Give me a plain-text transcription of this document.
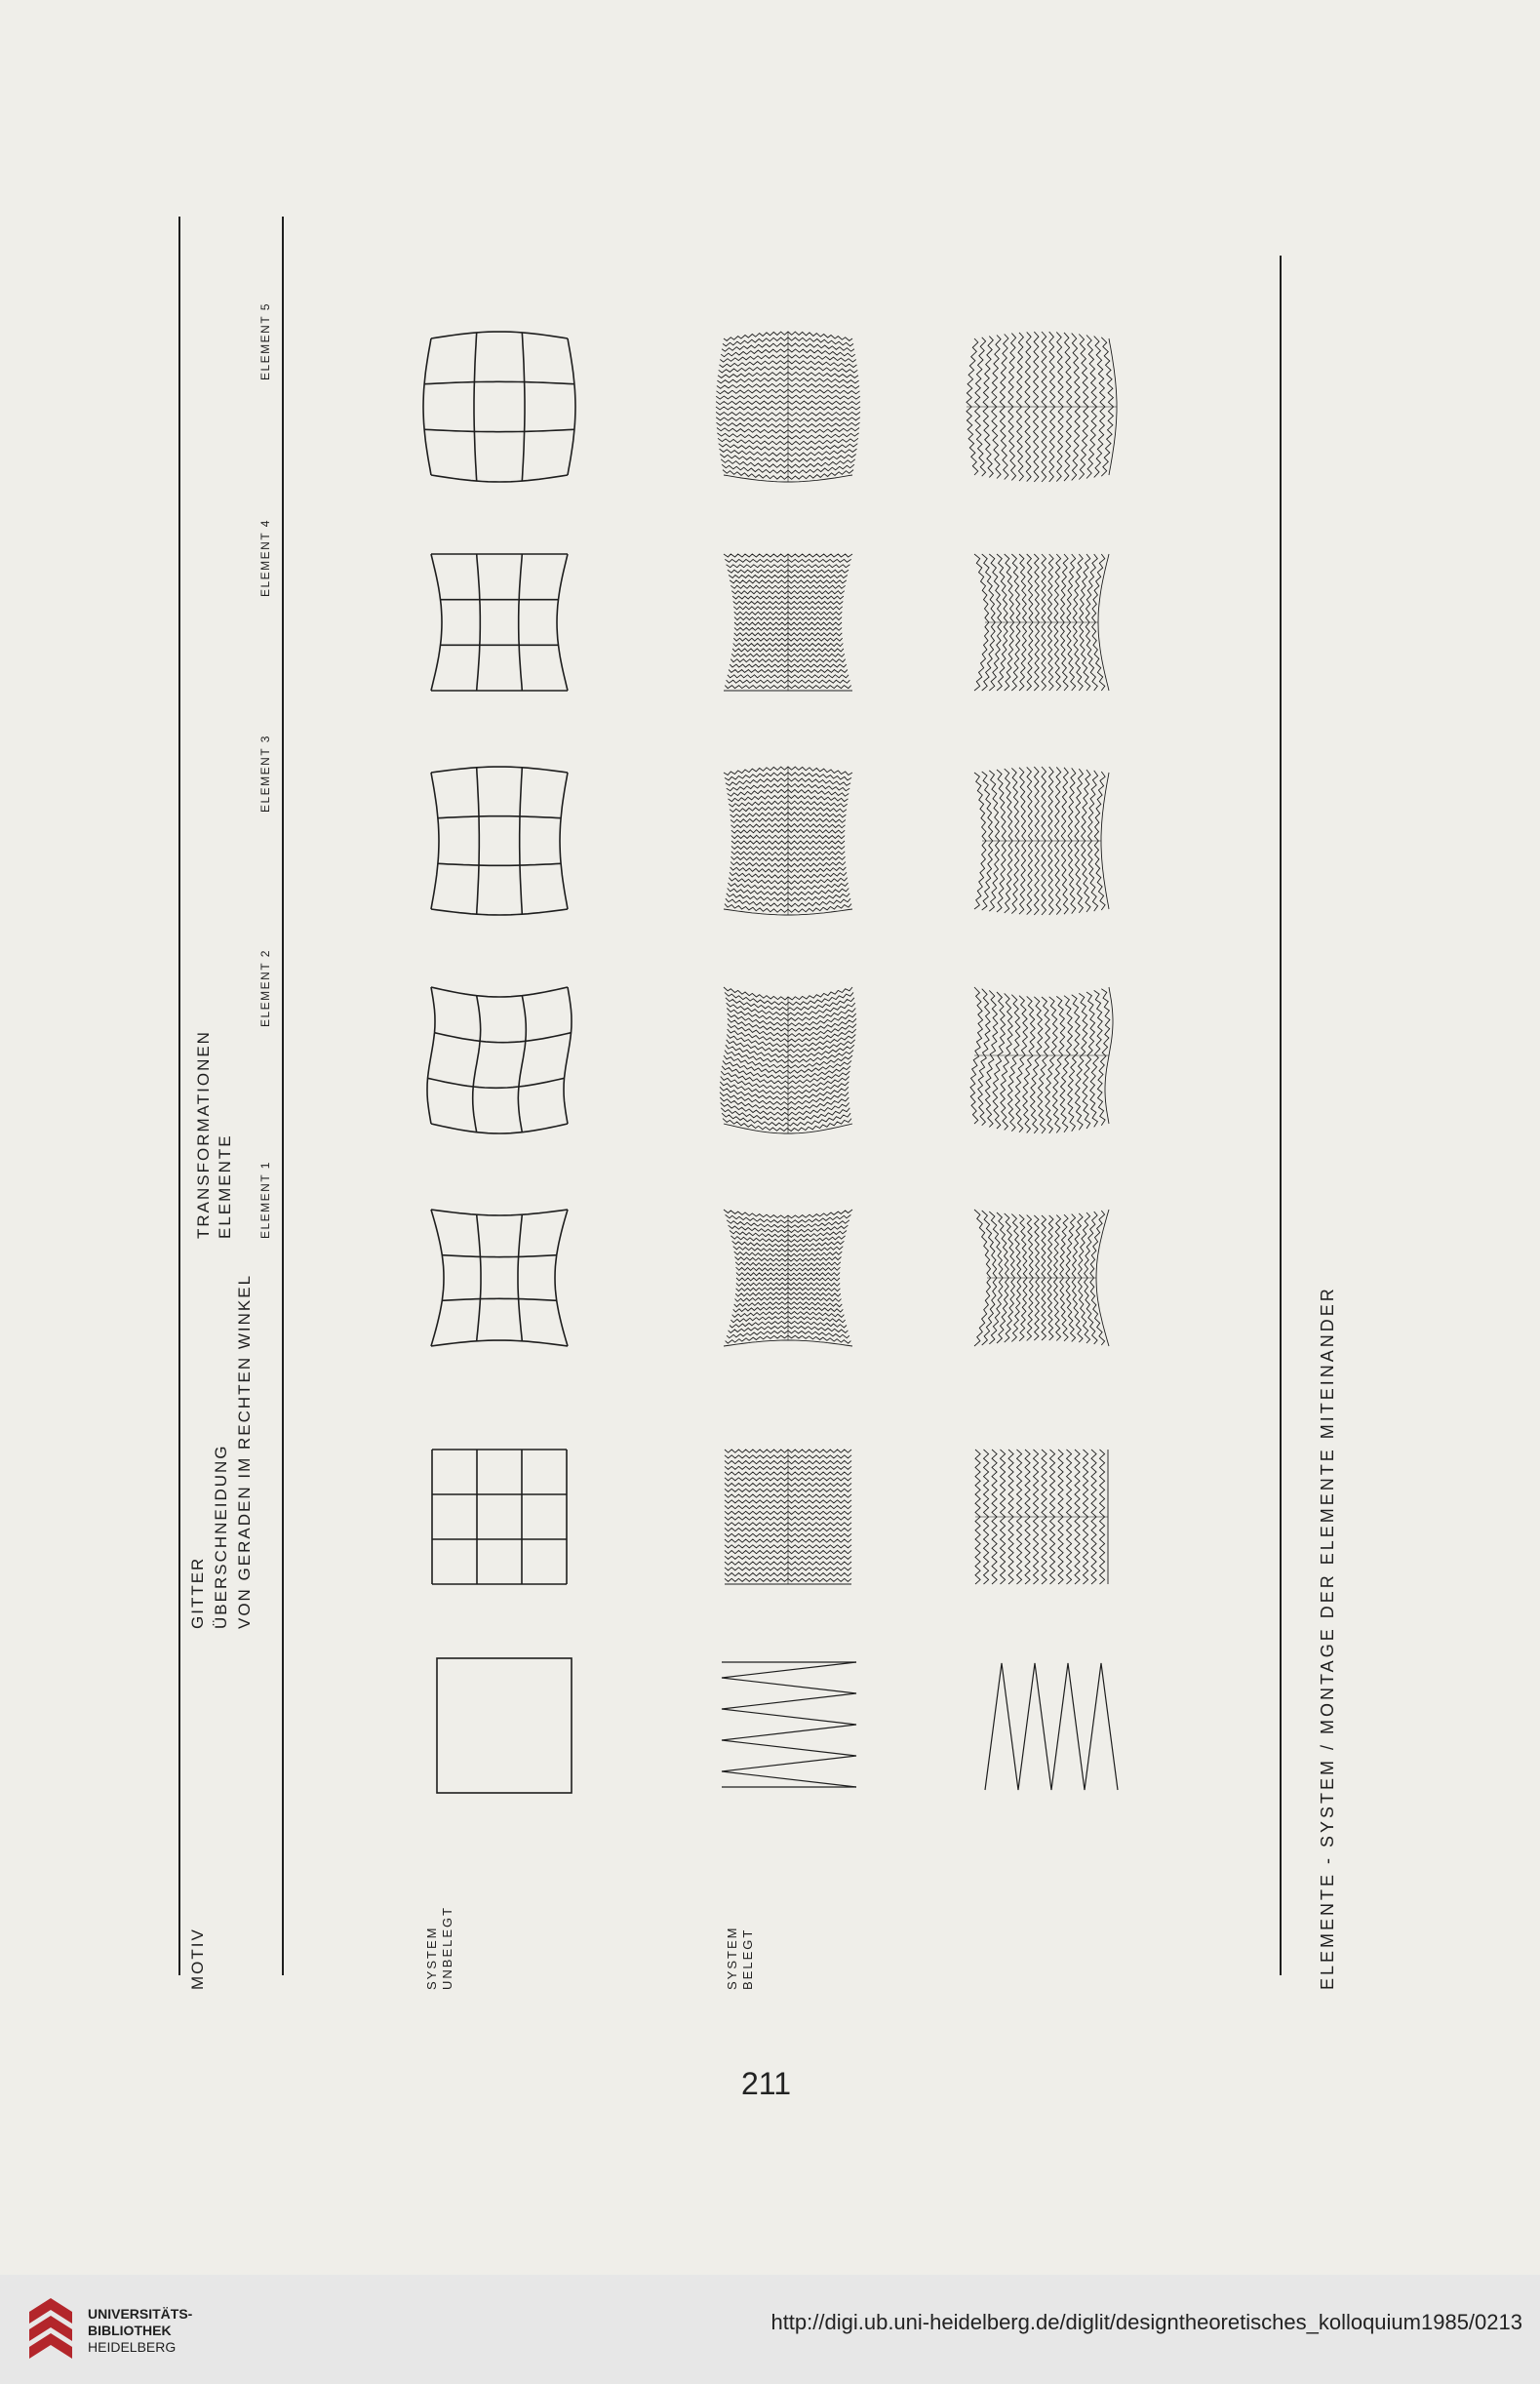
MOTIV
GITTER ÜBERSCHNEIDUNG VON GERADEN IM RECHTEN WINKEL
TRANSFORMATIONEN ELEMENTE ELEMENT 1
ELEMENT 2
ELEMENT 3
ELEMENT 4
ELEMENT 5
SYSTEM UNBELEGT	SYSTEM BELEGT	ELEMENTE - SYSTEM / MONTAGE DER ELEMENTE MITEINANDER
211
UNIVERSITÄTS-
BIBLIOTHEK
HEIDELBERG
http://digi.ub.uni-heidelberg.de/diglit/designtheoretisches_kolloquium1985/0213
